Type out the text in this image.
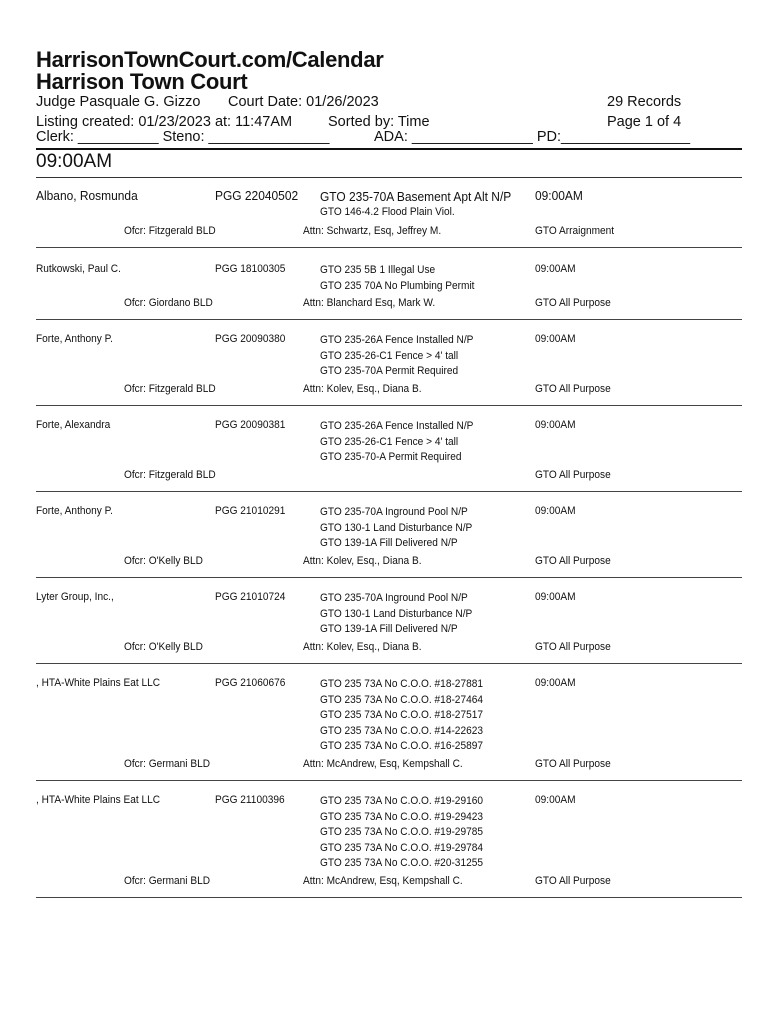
HarrisonTownCourt.com/Calendar
Harrison Town Court
Judge Pasquale G. Gizzo Court Date: 01/26/2023	29 Records
Listing created: 01/23/2023 at: 11:47AM Sorted by: Time	Page 1 of 4
Clerk: __________ Steno: _______________	ADA: _______________ PD:________________
09:00AM
Albano, Rosmunda	PGG 22040502	09:00AM
GTO 235-70A Basement Apt Alt N/P
GTO 146-4.2 Flood Plain Viol.
Ofcr: Fitzgerald BLD	Attn: Schwartz, Esq, Jeffrey M.	GTO Arraignment
Rutkowski, Paul C.	PGG 18100305	09:00AM
GTO 235 5B 1 Illegal Use
GTO 235 70A No Plumbing Permit
Ofcr: Giordano BLD	Attn: Blanchard Esq, Mark W.	GTO All Purpose
Forte, Anthony P.	PGG 20090380	09:00AM
GTO 235-26A Fence Installed N/P
GTO 235-26-C1 Fence > 4' tall
GTO 235-70A Permit Required
Ofcr: Fitzgerald BLD	Attn: Kolev, Esq., Diana B.	GTO All Purpose
Forte, Alexandra	PGG 20090381	09:00AM
GTO 235-26A Fence Installed N/P
GTO 235-26-C1 Fence > 4' tall
GTO 235-70-A Permit Required
Ofcr: Fitzgerald BLD	GTO All Purpose
Forte, Anthony P.	PGG 21010291	09:00AM
GTO 235-70A Inground Pool N/P
GTO 130-1 Land Disturbance N/P
GTO 139-1A Fill Delivered N/P
Ofcr: O'Kelly BLD	Attn: Kolev, Esq., Diana B.	GTO All Purpose
Lyter Group, Inc.,	PGG 21010724	09:00AM
GTO 235-70A Inground Pool N/P
GTO 130-1 Land Disturbance N/P
GTO 139-1A Fill Delivered N/P
Ofcr: O'Kelly BLD	Attn: Kolev, Esq., Diana B.	GTO All Purpose
, HTA-White Plains Eat LLC	PGG 21060676	09:00AM
GTO 235 73A No C.O.O. #18-27881
GTO 235 73A No C.O.O. #18-27464
GTO 235 73A No C.O.O. #18-27517
GTO 235 73A No C.O.O. #14-22623
GTO 235 73A No C.O.O. #16-25897
Ofcr: Germani BLD	Attn: McAndrew, Esq, Kempshall C.	GTO All Purpose
, HTA-White Plains Eat LLC	PGG 21100396	09:00AM
GTO 235 73A No C.O.O. #19-29160
GTO 235 73A No C.O.O. #19-29423
GTO 235 73A No C.O.O. #19-29785
GTO 235 73A No C.O.O. #19-29784
GTO 235 73A No C.O.O. #20-31255
Ofcr: Germani BLD	Attn: McAndrew, Esq, Kempshall C.	GTO All Purpose
